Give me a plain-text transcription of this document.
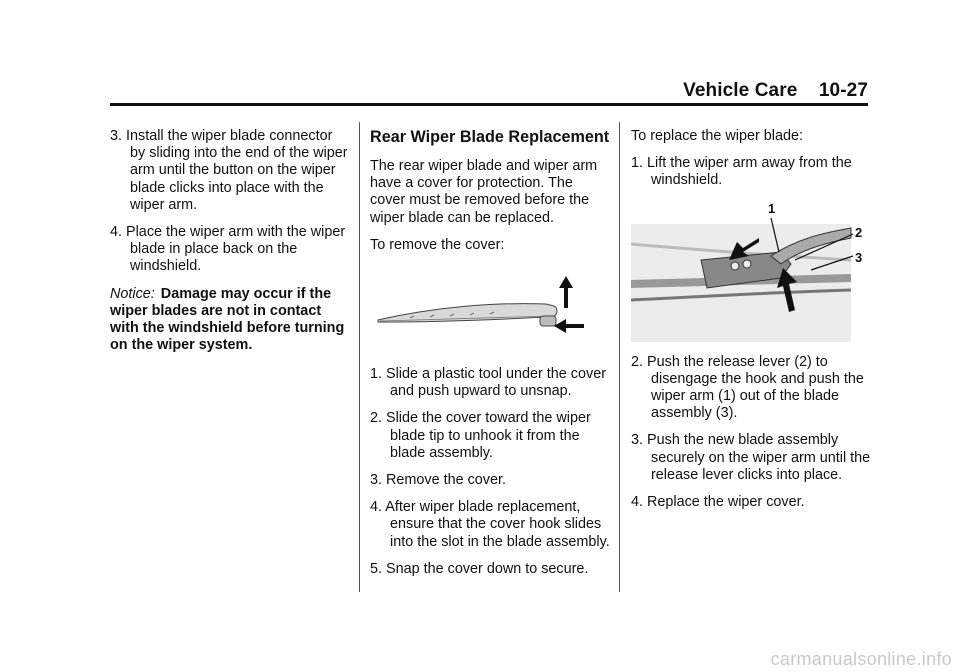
Vehicle Care 10-27
3. Install the wiper blade connector by sliding into the end of the wiper arm until the button on the wiper blade clicks into place with the wiper arm.
4. Place the wiper arm with the wiper blade in place back on the windshield.

Notice: Damage may occur if the wiper blades are not in contact with the windshield before turning on the wiper system.

Rear Wiper Blade Replacement

The rear wiper blade and wiper arm have a cover for protection. The cover must be removed before the wiper blade can be replaced.

To remove the cover:

1. Slide a plastic tool under the cover and push upward to unsnap.
2. Slide the cover toward the wiper blade tip to unhook it from the blade assembly.
3. Remove the cover.
4. After wiper blade replacement, ensure that the cover hook slides into the slot in the blade assembly.
5. Snap the cover down to secure.

To replace the wiper blade:

1. Lift the wiper arm away from the windshield.
1
2
3
2. Push the release lever (2) to disengage the hook and push the wiper arm (1) out of the blade assembly (3).
3. Push the new blade assembly securely on the wiper arm until the release lever clicks into place.
4. Replace the wiper cover.
carmanualsonline.info
